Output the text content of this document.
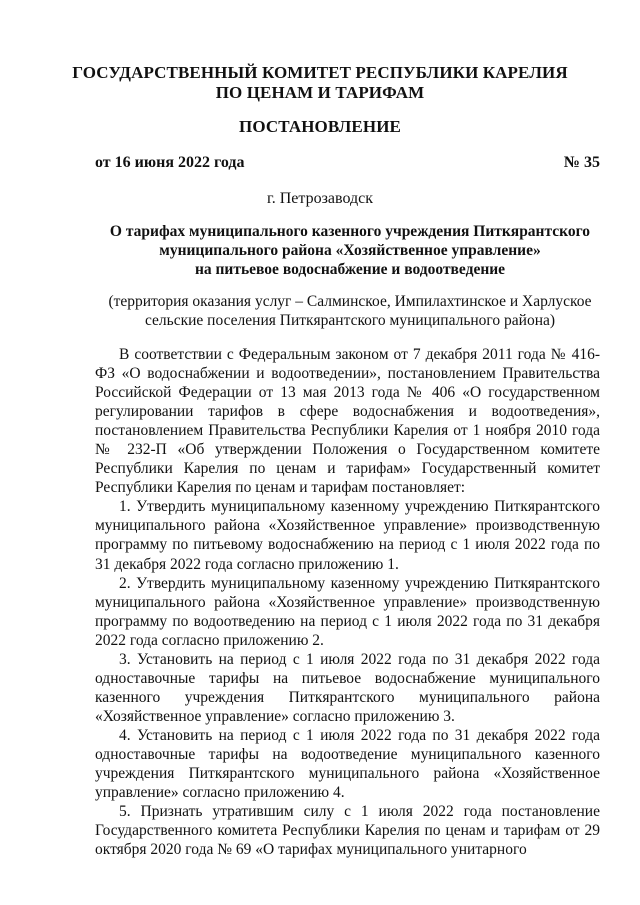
ГОСУДАРСТВЕННЫЙ КОМИТЕТ РЕСПУБЛИКИ КАРЕЛИЯ
ПО ЦЕНАМ И ТАРИФАМ
ПОСТАНОВЛЕНИЕ
от 16 июня 2022 года	№ 35
г. Петрозаводск
О тарифах муниципального казенного учреждения Питкярантского
муниципального района «Хозяйственное управление»
на питьевое водоснабжение и водоотведение
(территория оказания услуг – Салминское, Импилахтинское и Харлуское
сельские поселения Питкярантского муниципального района)

В соответствии с Федеральным законом от 7 декабря 2011 года № 416-ФЗ «О водоснабжении и водоотведении», постановлением Правительства Российской Федерации от 13 мая 2013 года № 406 «О государственном регулировании тарифов в сфере водоснабжения и водоотведения», постановлением Правительства Республики Карелия от 1 ноября 2010 года № 232-П «Об утверждении Положения о Государственном комитете Республики Карелия по ценам и тарифам» Государственный комитет Республики Карелия по ценам и тарифам постановляет:

1. Утвердить муниципальному казенному учреждению Питкярантского муниципального района «Хозяйственное управление» производственную программу по питьевому водоснабжению на период с 1 июля 2022 года по 31 декабря 2022 года согласно приложению 1.

2. Утвердить муниципальному казенному учреждению Питкярантского муниципального района «Хозяйственное управление» производственную программу по водоотведению на период с 1 июля 2022 года по 31 декабря 2022 года согласно приложению 2.

3. Установить на период с 1 июля 2022 года по 31 декабря 2022 года одноставочные тарифы на питьевое водоснабжение муниципального казенного учреждения Питкярантского муниципального района «Хозяйственное управление» согласно приложению 3.

4. Установить на период с 1 июля 2022 года по 31 декабря 2022 года одноставочные тарифы на водоотведение муниципального казенного учреждения Питкярантского муниципального района «Хозяйственное управление» согласно приложению 4.

5. Признать утратившим силу с 1 июля 2022 года постановление Государственного комитета Республики Карелия по ценам и тарифам от 29 октября 2020 года № 69 «О тарифах муниципального унитарного
